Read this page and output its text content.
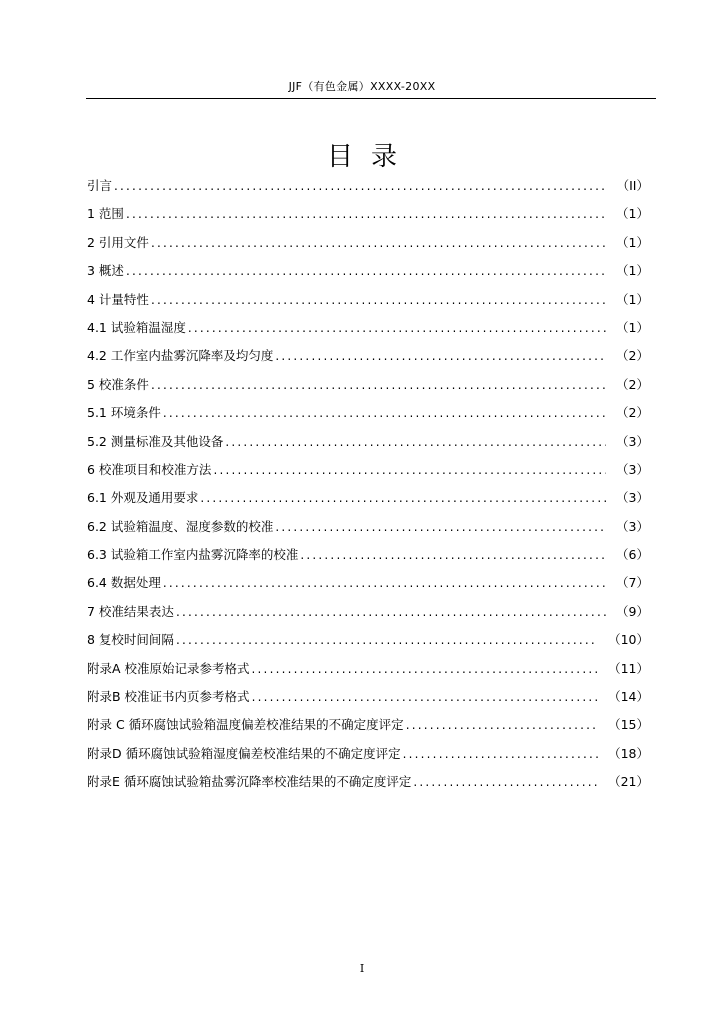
JJF（有色金属）XXXX-20XX
目录
引言 .....	（II）
1 范围 .....	（1）
2 引用文件 .....	（1）
3 概述 .....	（1）
4 计量特性 .....	（1）
4.1 试验箱温湿度 .....	（1）
4.2 工作室内盐雾沉降率及均匀度 .....	（2）
5 校准条件 .....	（2）
5.1 环境条件 .....	（2）
5.2 测量标准及其他设备 .....	（3）
6 校准项目和校准方法 .....	（3）
6.1 外观及通用要求 .....	（3）
6.2 试验箱温度、湿度参数的校准 .....	（3）
6.3 试验箱工作室内盐雾沉降率的校准 .....	（6）
6.4 数据处理 .....	（7）
7 校准结果表达 .....	（9）
8 复校时间间隔 .....	（10）
附录A 校准原始记录参考格式 .....	（11）
附录B 校准证书内页参考格式 .....	（14）
附录 C 循环腐蚀试验箱温度偏差校准结果的不确定度评定 .....	（15）
附录D 循环腐蚀试验箱湿度偏差校准结果的不确定度评定 .....	（18）
附录E 循环腐蚀试验箱盐雾沉降率校准结果的不确定度评定 .....	（21）
I
